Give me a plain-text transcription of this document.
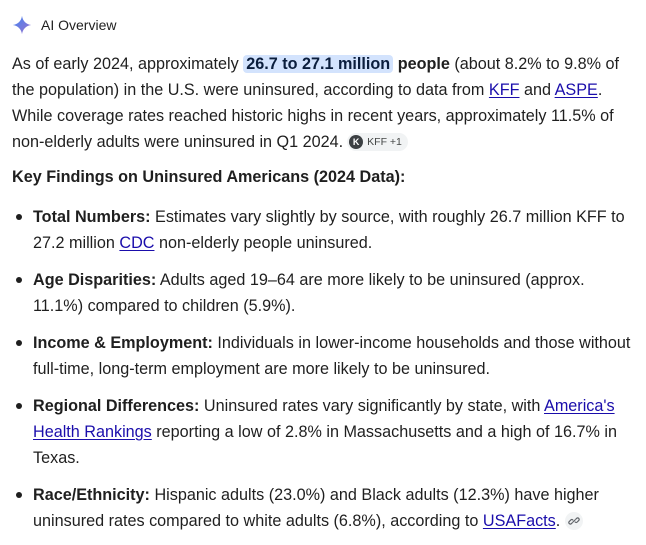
AI Overview

As of early 2024, approximately 26.7 to 27.1 million people (about 8.2% to 9.8% of the population) in the U.S. were uninsured, according to data from KFF and ASPE. While coverage rates reached historic highs in recent years, approximately 11.5% of non-elderly adults were uninsured in Q1 2024.	K KFF +1

Key Findings on Uninsured Americans (2024 Data):
Total Numbers: Estimates vary slightly by source, with roughly 26.7 million KFF to 27.2 million CDC non-elderly people uninsured.
Age Disparities: Adults aged 19–64 are more likely to be uninsured (approx. 11.1%) compared to children (5.9%).
Income & Employment: Individuals in lower-income households and those without full-time, long-term employment are more likely to be uninsured.
Regional Differences: Uninsured rates vary significantly by state, with America's Health Rankings reporting a low of 2.8% in Massachusetts and a high of 16.7% in Texas.
Race/Ethnicity: Hispanic adults (23.0%) and Black adults (12.3%) have higher uninsured rates compared to white adults (6.8%), according to USAFacts.
